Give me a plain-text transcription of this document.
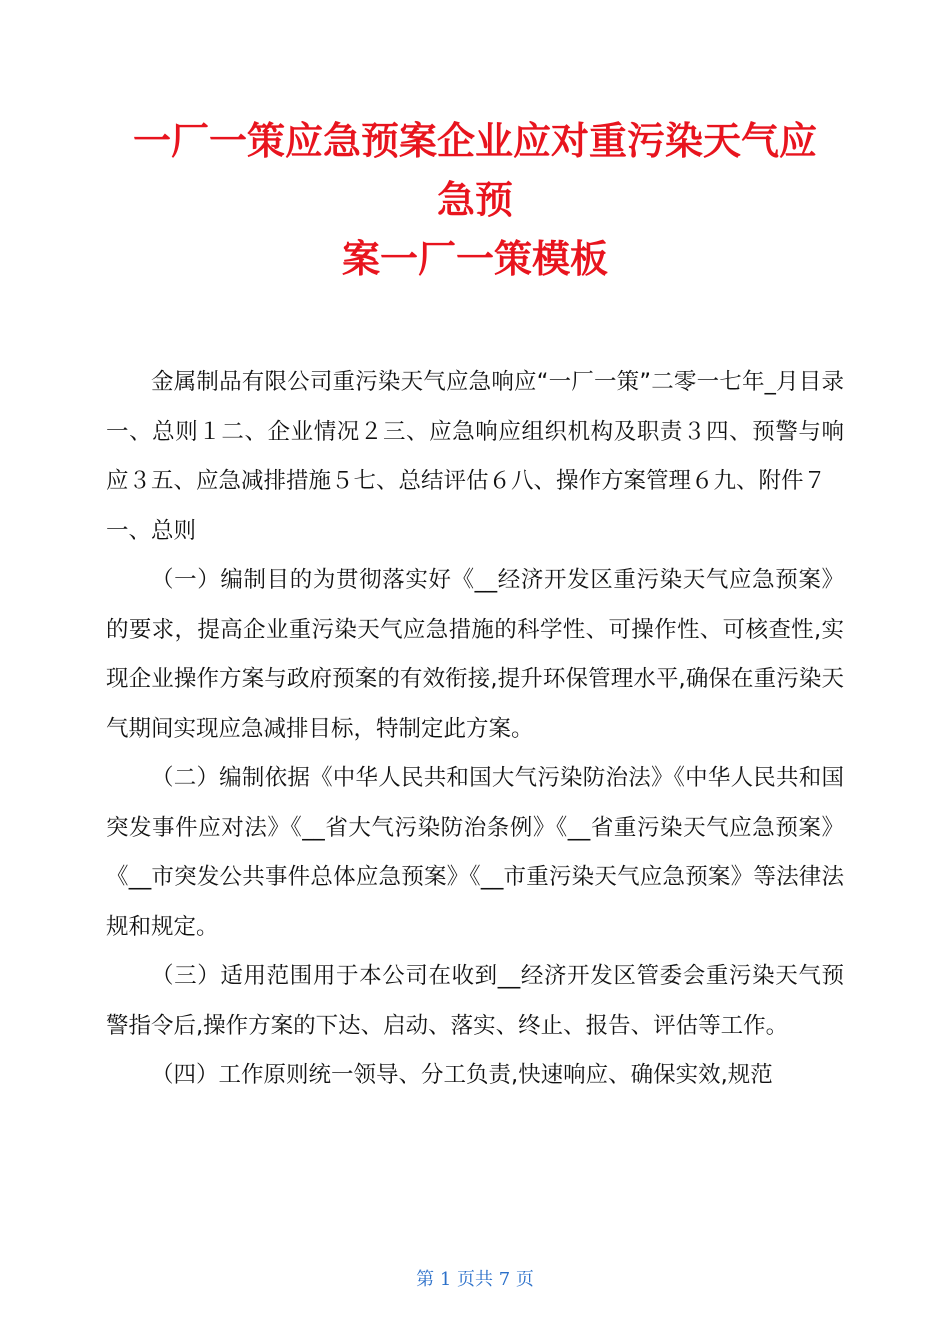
一厂一策应急预案企业应对重污染天气应
急预
案一厂一策模板

金属制品有限公司重污染天气应急响应“一厂一策”二零一七年_月目录一、总则１二、企业情况２三、应急响应组织机构及职责３四、预警与响应３五、应急减排措施５七、总结评估６八、操作方案管理６九、附件７

一、总则

（一）编制目的为贯彻落实好《__经济开发区重污染天气应急预案》的要求，提高企业重污染天气应急措施的科学性、可操作性、可核查性,实现企业操作方案与政府预案的有效衔接,提升环保管理水平,确保在重污染天气期间实现应急减排目标，特制定此方案。

（二）编制依据《中华人民共和国大气污染防治法》《中华人民共和国突发事件应对法》《__省大气污染防治条例》《__省重污染天气应急预案》《__市突发公共事件总体应急预案》《__市重污染天气应急预案》等法律法规和规定。

（三）适用范围用于本公司在收到__经济开发区管委会重污染天气预警指令后,操作方案的下达、启动、落实、终止、报告、评估等工作。

（四）工作原则统一领导、分工负责,快速响应、确保实效,规范

第 1 页共 7 页
